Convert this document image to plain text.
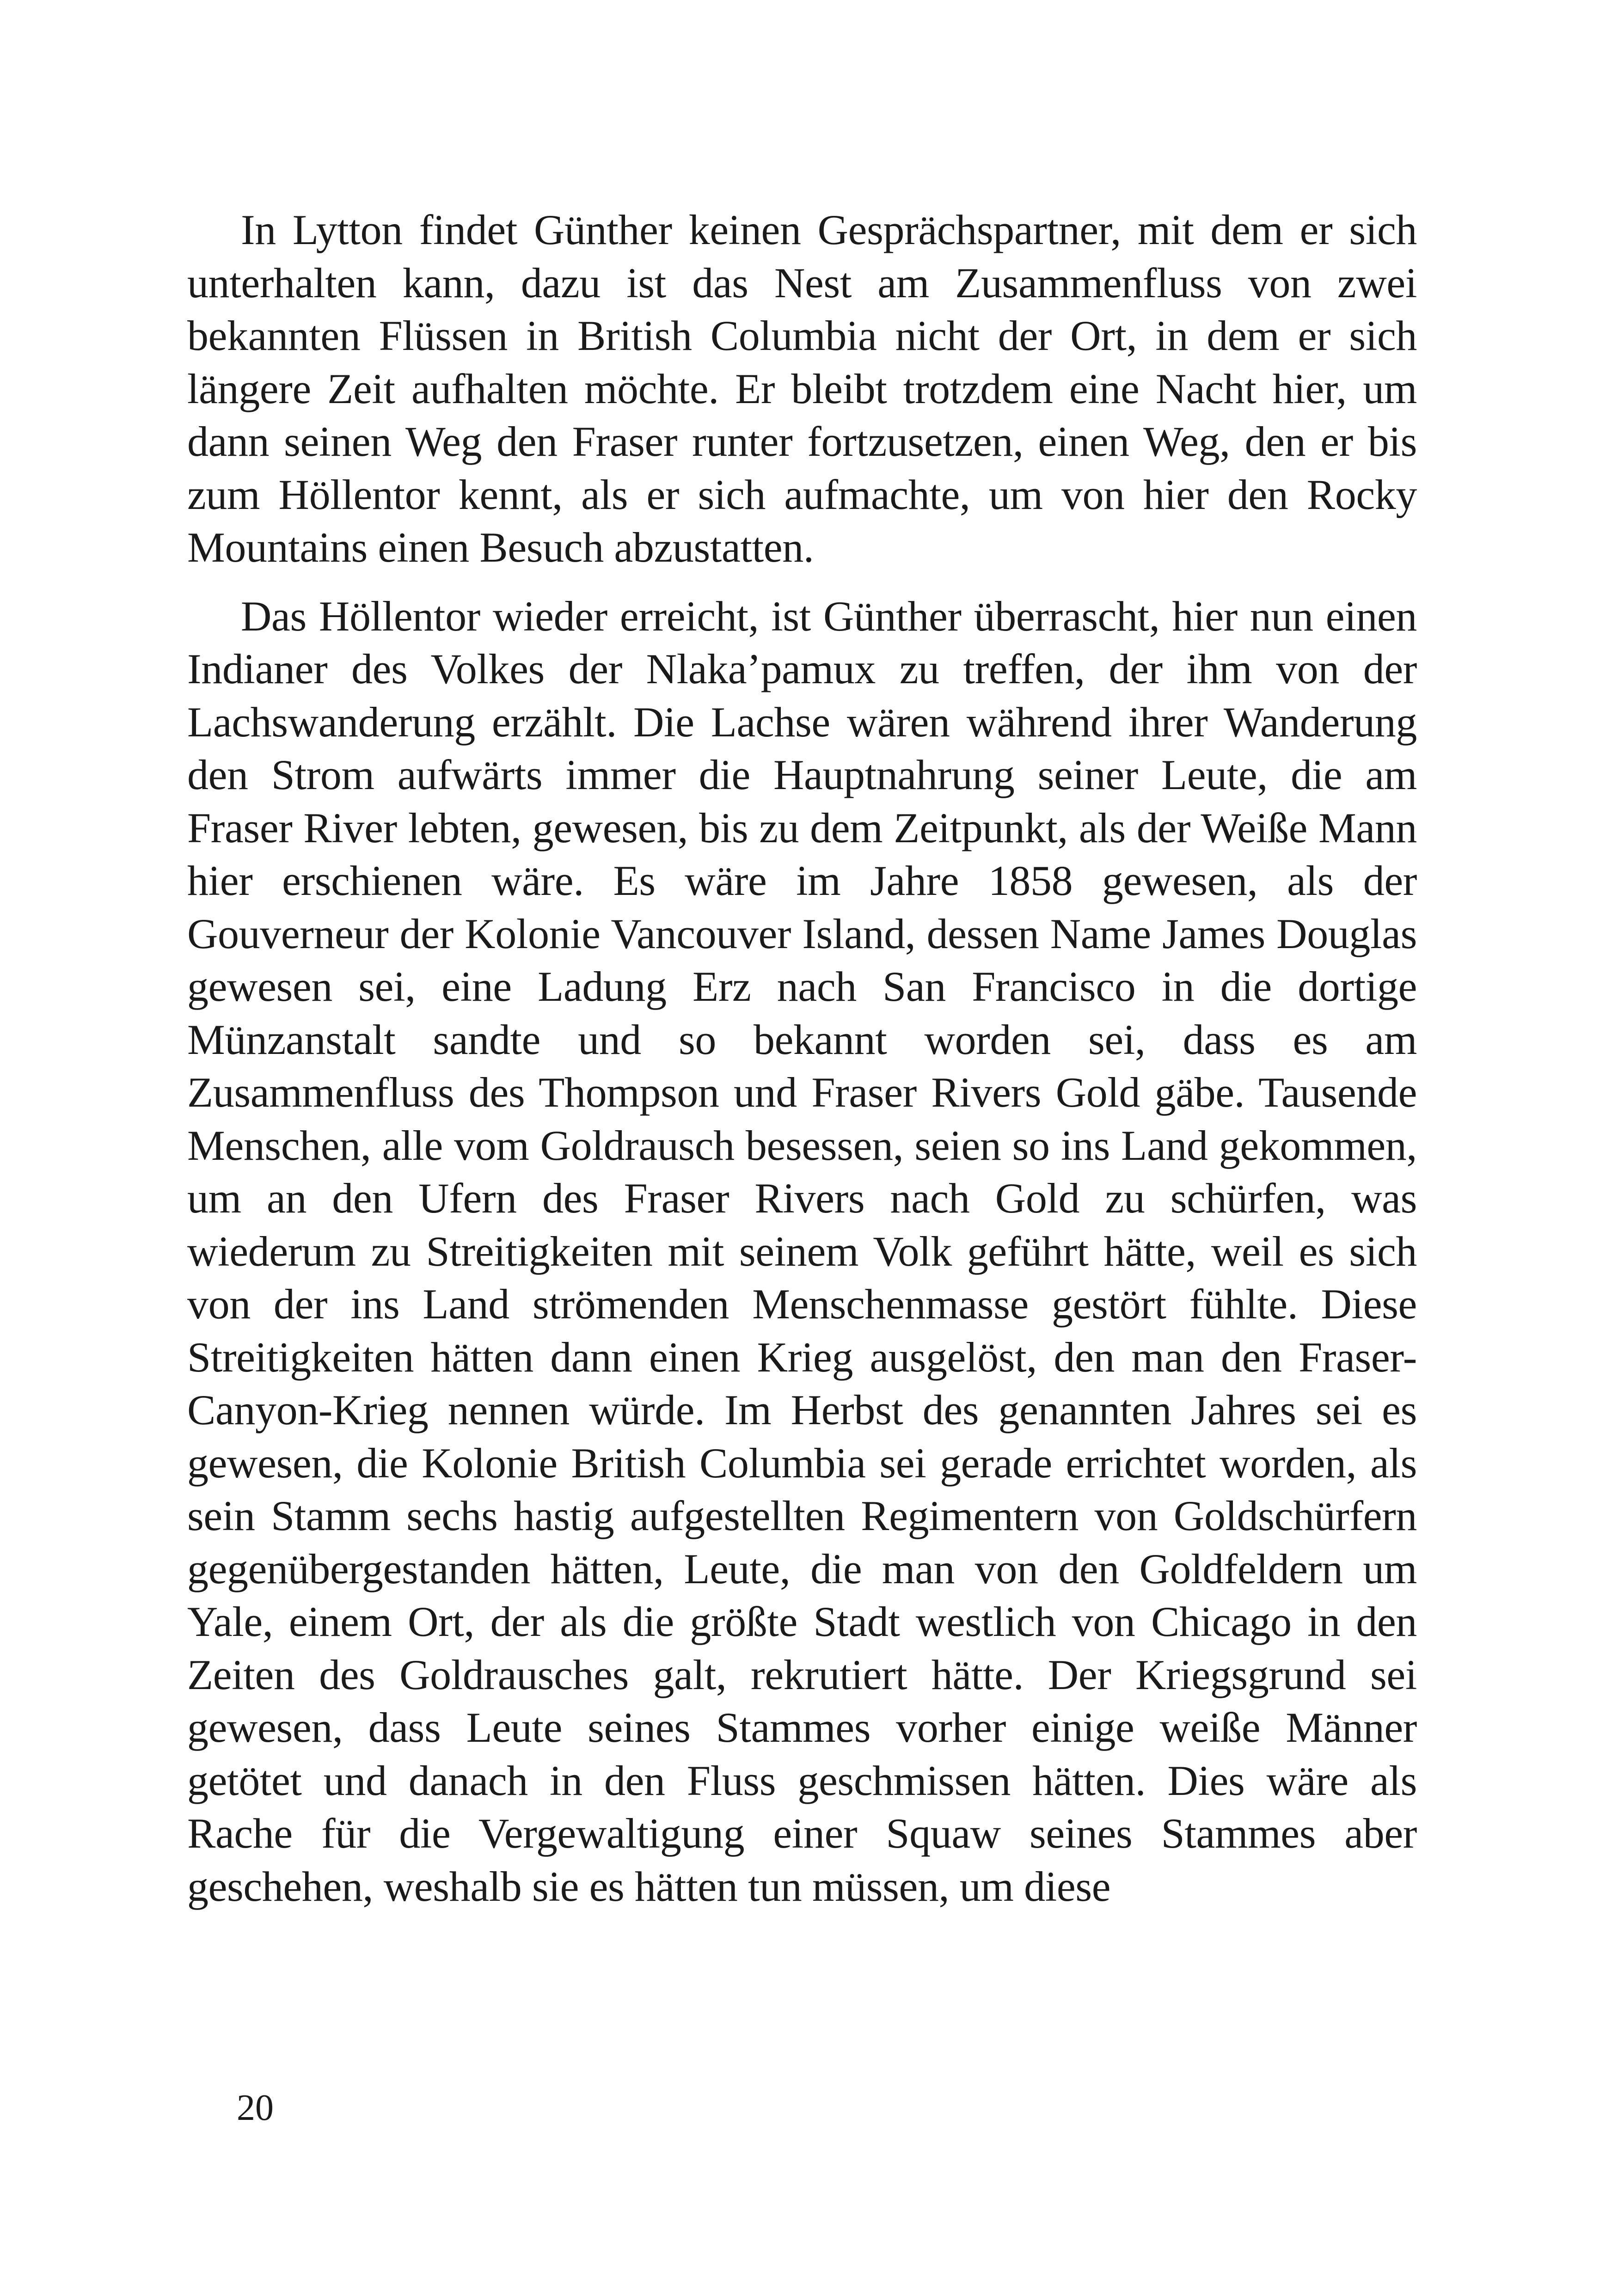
In Lytton findet Günther keinen Gesprächspartner, mit dem er sich unterhalten kann, dazu ist das Nest am Zusammenfluss von zwei bekannten Flüssen in British Columbia nicht der Ort, in dem er sich längere Zeit aufhalten möchte. Er bleibt trotzdem eine Nacht hier, um dann seinen Weg den Fraser runter fortzusetzen, einen Weg, den er bis zum Höllentor kennt, als er sich aufmachte, um von hier den Rocky Mountains einen Besuch abzustatten.

Das Höllentor wieder erreicht, ist Günther überrascht, hier nun einen Indianer des Volkes der Nlaka’pamux zu treffen, der ihm von der Lachswanderung erzählt. Die Lachse wären während ihrer Wanderung den Strom aufwärts immer die Hauptnahrung seiner Leute, die am Fraser River lebten, gewesen, bis zu dem Zeitpunkt, als der Weiße Mann hier erschienen wäre. Es wäre im Jahre 1858 gewesen, als der Gouverneur der Kolonie Vancouver Island, dessen Name James Douglas gewesen sei, eine Ladung Erz nach San Francisco in die dortige Münzanstalt sandte und so bekannt worden sei, dass es am Zusammenfluss des Thompson und Fraser Rivers Gold gäbe. Tausende Menschen, alle vom Goldrausch besessen, seien so ins Land gekommen, um an den Ufern des Fraser Rivers nach Gold zu schürfen, was wiederum zu Streitigkeiten mit seinem Volk geführt hätte, weil es sich von der ins Land strömenden Menschenmasse gestört fühlte. Diese Streitigkeiten hätten dann einen Krieg ausgelöst, den man den Fraser-Canyon-Krieg nennen würde. Im Herbst des genannten Jahres sei es gewesen, die Kolonie British Columbia sei gerade errichtet worden, als sein Stamm sechs hastig aufgestellten Regimentern von Goldschürfern gegenübergestanden hätten, Leute, die man von den Goldfeldern um Yale, einem Ort, der als die größte Stadt westlich von Chicago in den Zeiten des Goldrausches galt, rekrutiert hätte. Der Kriegsgrund sei gewesen, dass Leute seines Stammes vorher einige weiße Männer getötet und danach in den Fluss geschmissen hätten. Dies wäre als Rache für die Vergewaltigung einer Squaw seines Stammes aber geschehen, weshalb sie es hätten tun müssen, um diese

20
